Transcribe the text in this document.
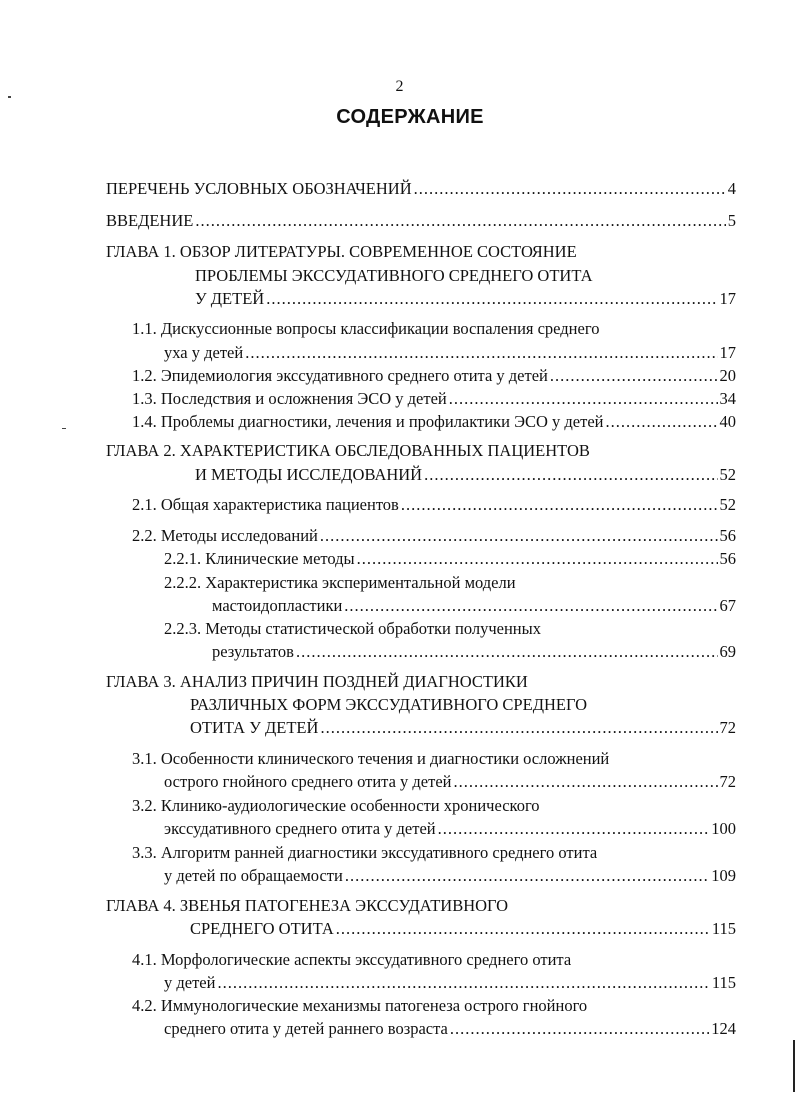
2
СОДЕРЖАНИЕ
ПЕРЕЧЕНЬ УСЛОВНЫХ ОБОЗНАЧЕНИЙ .....	4
ВВЕДЕНИЕ .....	5
ГЛАВА 1. ОБЗОР ЛИТЕРАТУРЫ. СОВРЕМЕННОЕ СОСТОЯНИЕ
ПРОБЛЕМЫ ЭКССУДАТИВНОГО СРЕДНЕГО ОТИТА
У ДЕТЕЙ .....	17
1.1. Дискуссионные вопросы классификации воспаления среднего
уха у детей .....	17
1.2. Эпидемиология экссудативного среднего отита у детей .....	20
1.3. Последствия и осложнения ЭСО у детей .....	34
1.4. Проблемы диагностики, лечения и профилактики ЭСО у детей .....	40
ГЛАВА 2. ХАРАКТЕРИСТИКА ОБСЛЕДОВАННЫХ ПАЦИЕНТОВ
И МЕТОДЫ ИССЛЕДОВАНИЙ .....	52
2.1. Общая характеристика пациентов .....	52
2.2. Методы исследований .....	56
2.2.1. Клинические методы .....	56
2.2.2. Характеристика экспериментальной модели
мастоидопластики .....	67
2.2.3. Методы статистической обработки полученных
результатов .....	69
ГЛАВА 3. АНАЛИЗ ПРИЧИН ПОЗДНЕЙ ДИАГНОСТИКИ
РАЗЛИЧНЫХ ФОРМ ЭКССУДАТИВНОГО СРЕДНЕГО
ОТИТА У ДЕТЕЙ .....	72
3.1. Особенности клинического течения и диагностики осложнений
острого гнойного среднего отита у детей .....	72
3.2. Клинико-аудиологические особенности хронического
экссудативного среднего отита у детей .....	100
3.3. Алгоритм ранней диагностики экссудативного среднего отита
у детей по обращаемости .....	109
ГЛАВА 4. ЗВЕНЬЯ ПАТОГЕНЕЗА ЭКССУДАТИВНОГО
СРЕДНЕГО ОТИТА .....	115
4.1. Морфологические аспекты экссудативного среднего отита
у детей .....	115
4.2. Иммунологические механизмы патогенеза острого гнойного
среднего отита у детей раннего возраста .....	124
